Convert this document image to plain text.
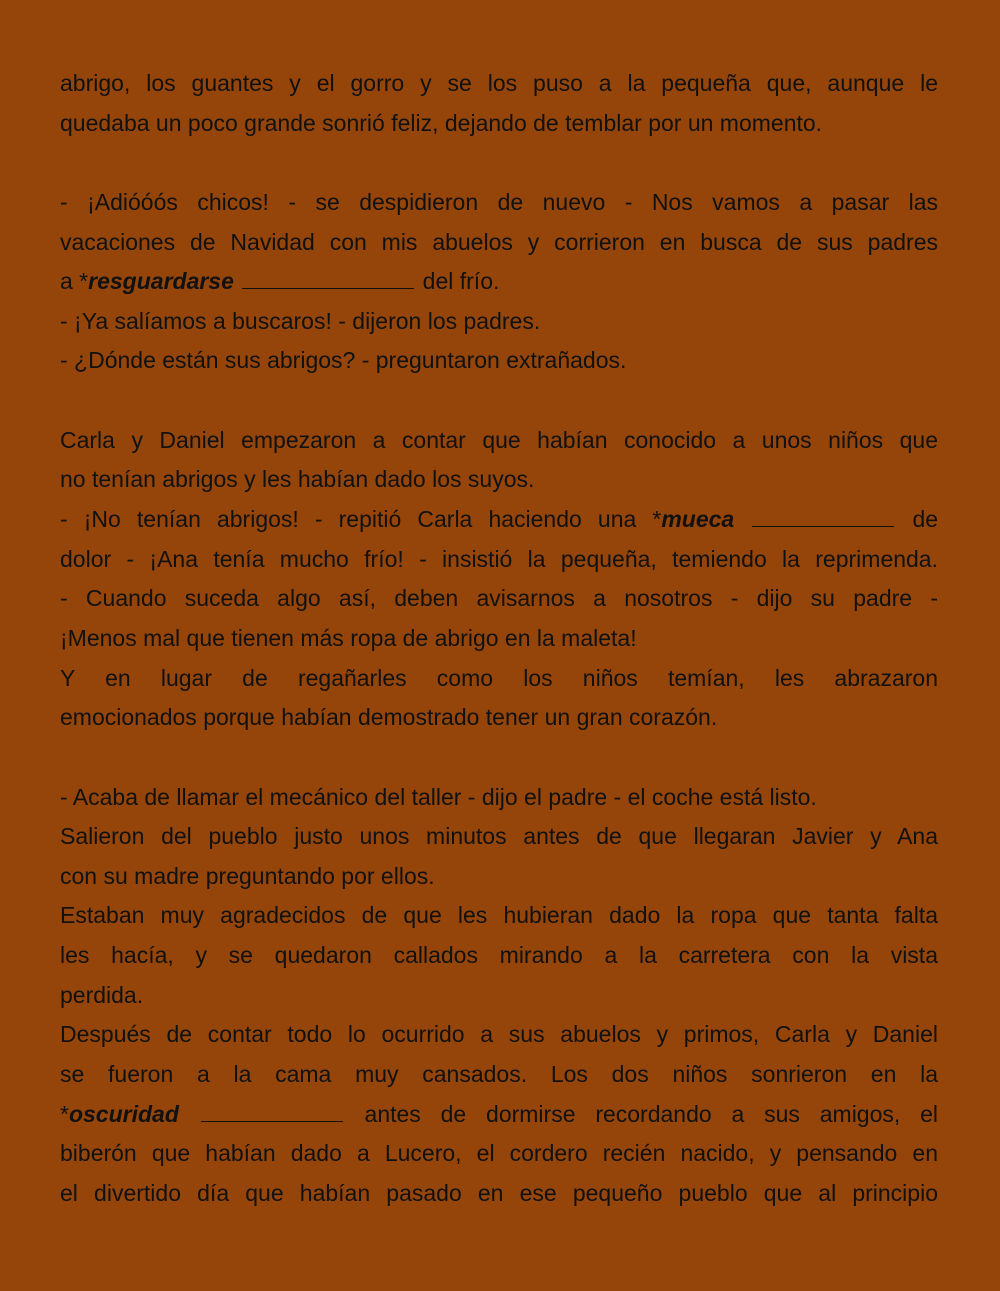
abrigo, los guantes y el gorro y se los puso a la pequeña que, aunque le
quedaba un poco grande sonrió feliz, dejando de temblar por un momento.
- ¡Adióóós chicos! - se despidieron de nuevo - Nos vamos a pasar las
vacaciones de Navidad con mis abuelos y corrieron en busca de sus padres
a *resguardarse	del frío.
- ¡Ya salíamos a buscaros! - dijeron los padres.
- ¿Dónde están sus abrigos? - preguntaron extrañados.
Carla y Daniel empezaron a contar que habían conocido a unos niños que
no tenían abrigos y les habían dado los suyos.
- ¡No tenían abrigos! - repitió Carla haciendo una *mueca	de
dolor - ¡Ana tenía mucho frío! - insistió la pequeña, temiendo la reprimenda.
- Cuando suceda algo así, deben avisarnos a nosotros - dijo su padre -
¡Menos mal que tienen más ropa de abrigo en la maleta!
Y en lugar de regañarles como los niños temían, les abrazaron
emocionados porque habían demostrado tener un gran corazón.
- Acaba de llamar el mecánico del taller - dijo el padre - el coche está listo.
Salieron del pueblo justo unos minutos antes de que llegaran Javier y Ana
con su madre preguntando por ellos.
Estaban muy agradecidos de que les hubieran dado la ropa que tanta falta
les hacía, y se quedaron callados mirando a la carretera con la vista
perdida.
Después de contar todo lo ocurrido a sus abuelos y primos, Carla y Daniel
se fueron a la cama muy cansados. Los dos niños sonrieron en la
*oscuridad	antes de dormirse recordando a sus amigos, el
biberón que habían dado a Lucero, el cordero recién nacido, y pensando en
el divertido día que habían pasado en ese pequeño pueblo que al principio
